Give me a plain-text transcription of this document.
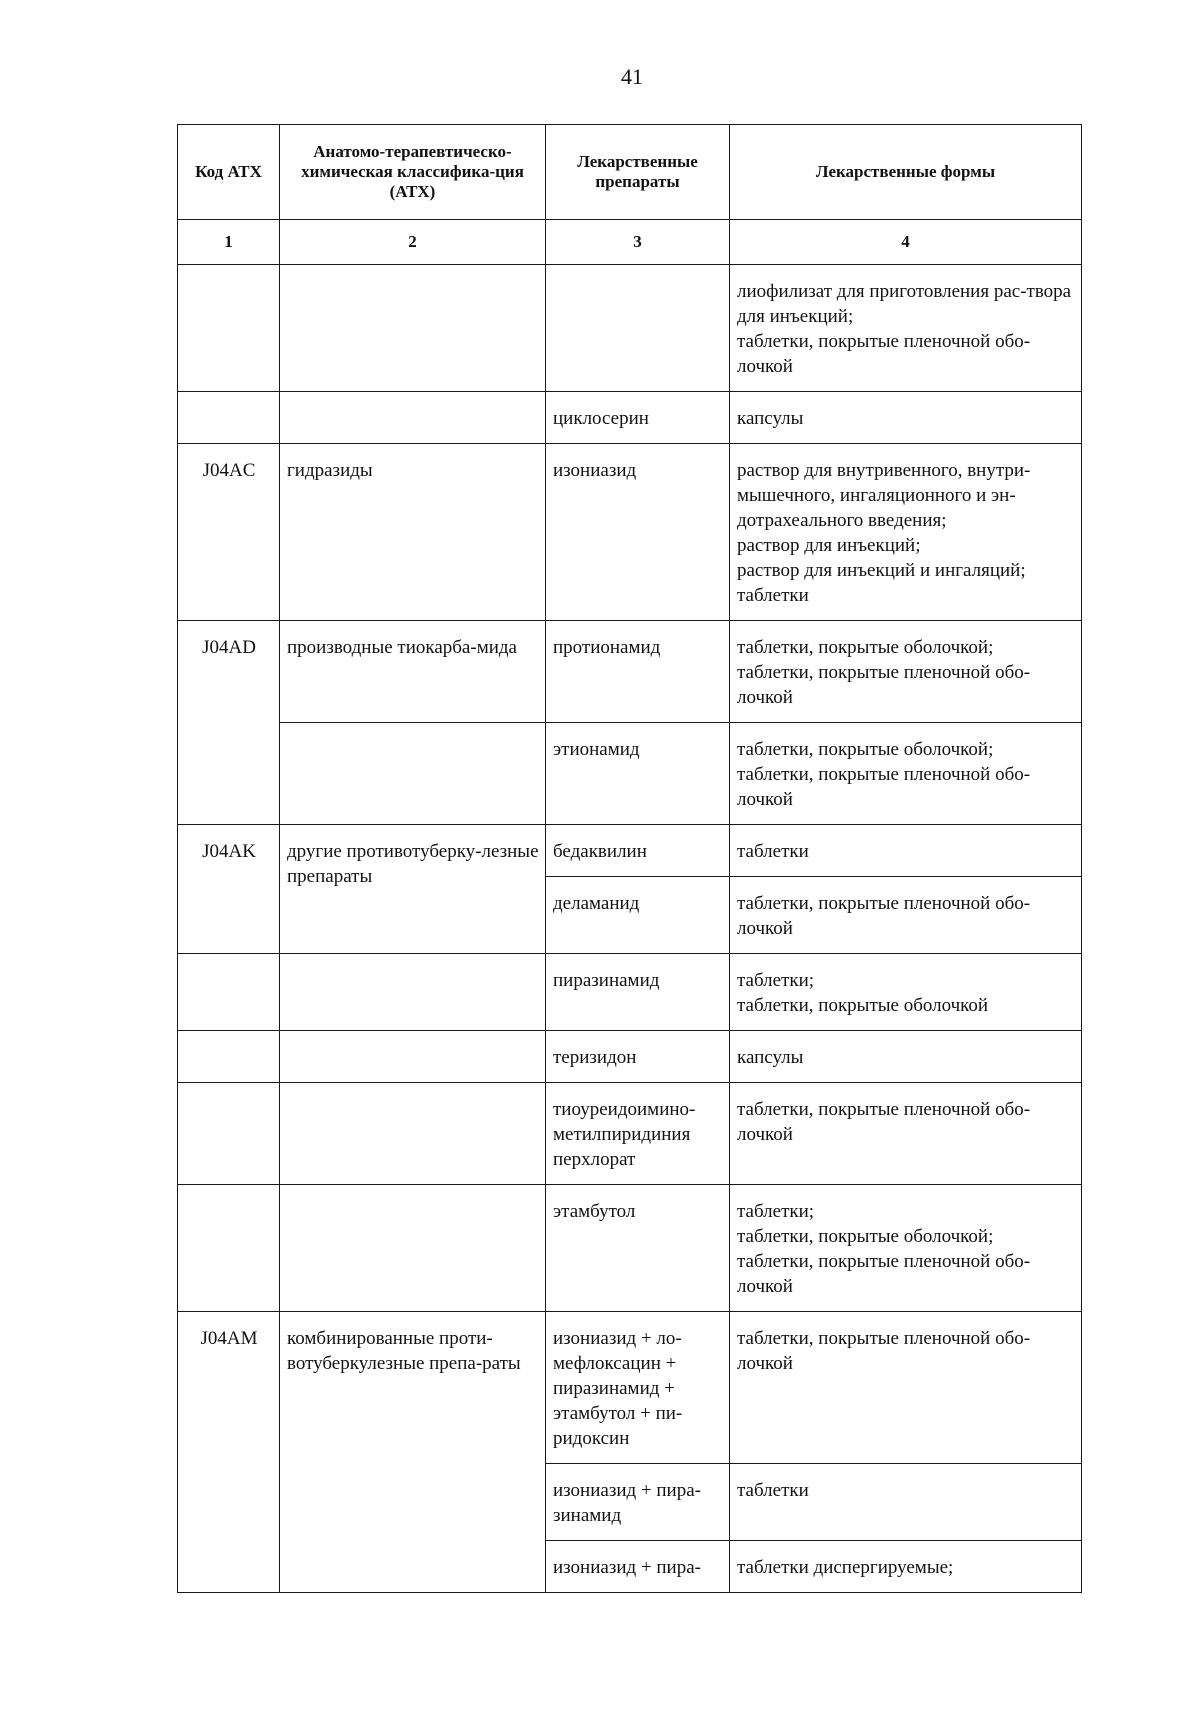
41
Код АТХ	Анатомо-терапевтическо-химическая классифика-ция (АТХ)	Лекарственные препараты	Лекарственные формы
1	2	3	4
			лиофилизат для приготовления рас-твора для инъекций;
таблетки, покрытые пленочной обо-лочкой
		циклосерин	капсулы
J04AC	гидразиды	изониазид	раствор для внутривенного, внутри-мышечного, ингаляционного и эн-дотрахеального введения;
раствор для инъекций;
раствор для инъекций и ингаляций;
таблетки
J04AD	производные тиокарба-мида	протионамид	таблетки, покрытые оболочкой;
таблетки, покрытые пленочной обо-лочкой
		этионамид	таблетки, покрытые оболочкой;
таблетки, покрытые пленочной обо-лочкой
J04AK	другие противотуберку-лезные препараты	бедаквилин	таблетки
		деламанид	таблетки, покрытые пленочной обо-лочкой
		пиразинамид	таблетки;
таблетки, покрытые оболочкой
		теризидон	капсулы
		тиоуреидоимино-метилпиридиния перхлорат	таблетки, покрытые пленочной обо-лочкой
		этамбутол	таблетки;
таблетки, покрытые оболочкой;
таблетки, покрытые пленочной обо-лочкой
J04AM	комбинированные проти-вотуберкулезные препа-раты	изониазид + ло-мефлоксацин + пиразинамид + этамбутол + пи-ридоксин	таблетки, покрытые пленочной обо-лочкой
		изониазид + пира-зинамид	таблетки
		изониазид + пира-	таблетки диспергируемые;
